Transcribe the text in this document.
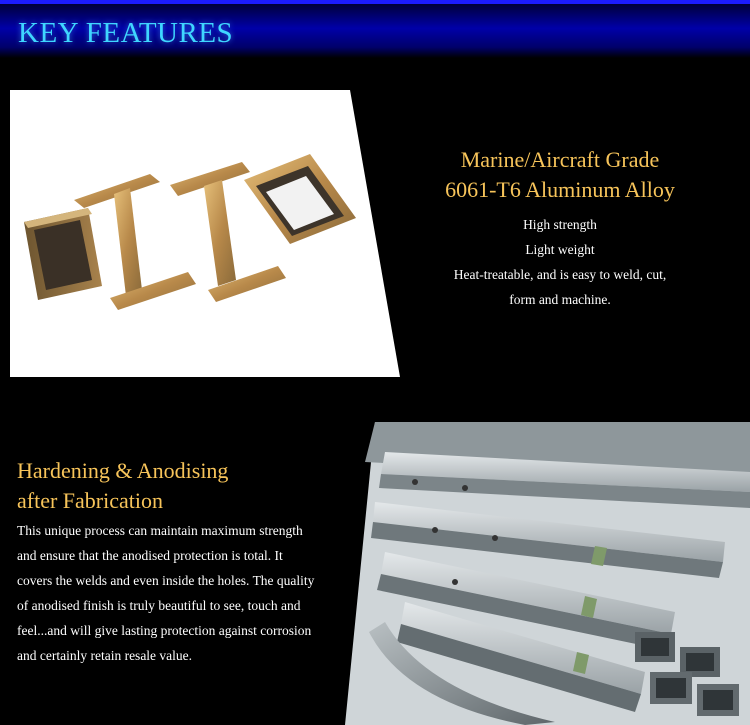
KEY FEATURES
Marine/Aircraft Grade
6061-T6 Aluminum Alloy
High strength
Light weight
Heat-treatable, and is easy to weld, cut,
form and machine.
Hardening & Anodising
after Fabrication
This unique process can maintain maximum strength
and ensure that the anodised protection is total. It
covers the welds and even inside the holes. The quality
of anodised finish is truly beautiful to see, touch and
feel...and will give lasting protection against corrosion
and certainly retain resale value.
